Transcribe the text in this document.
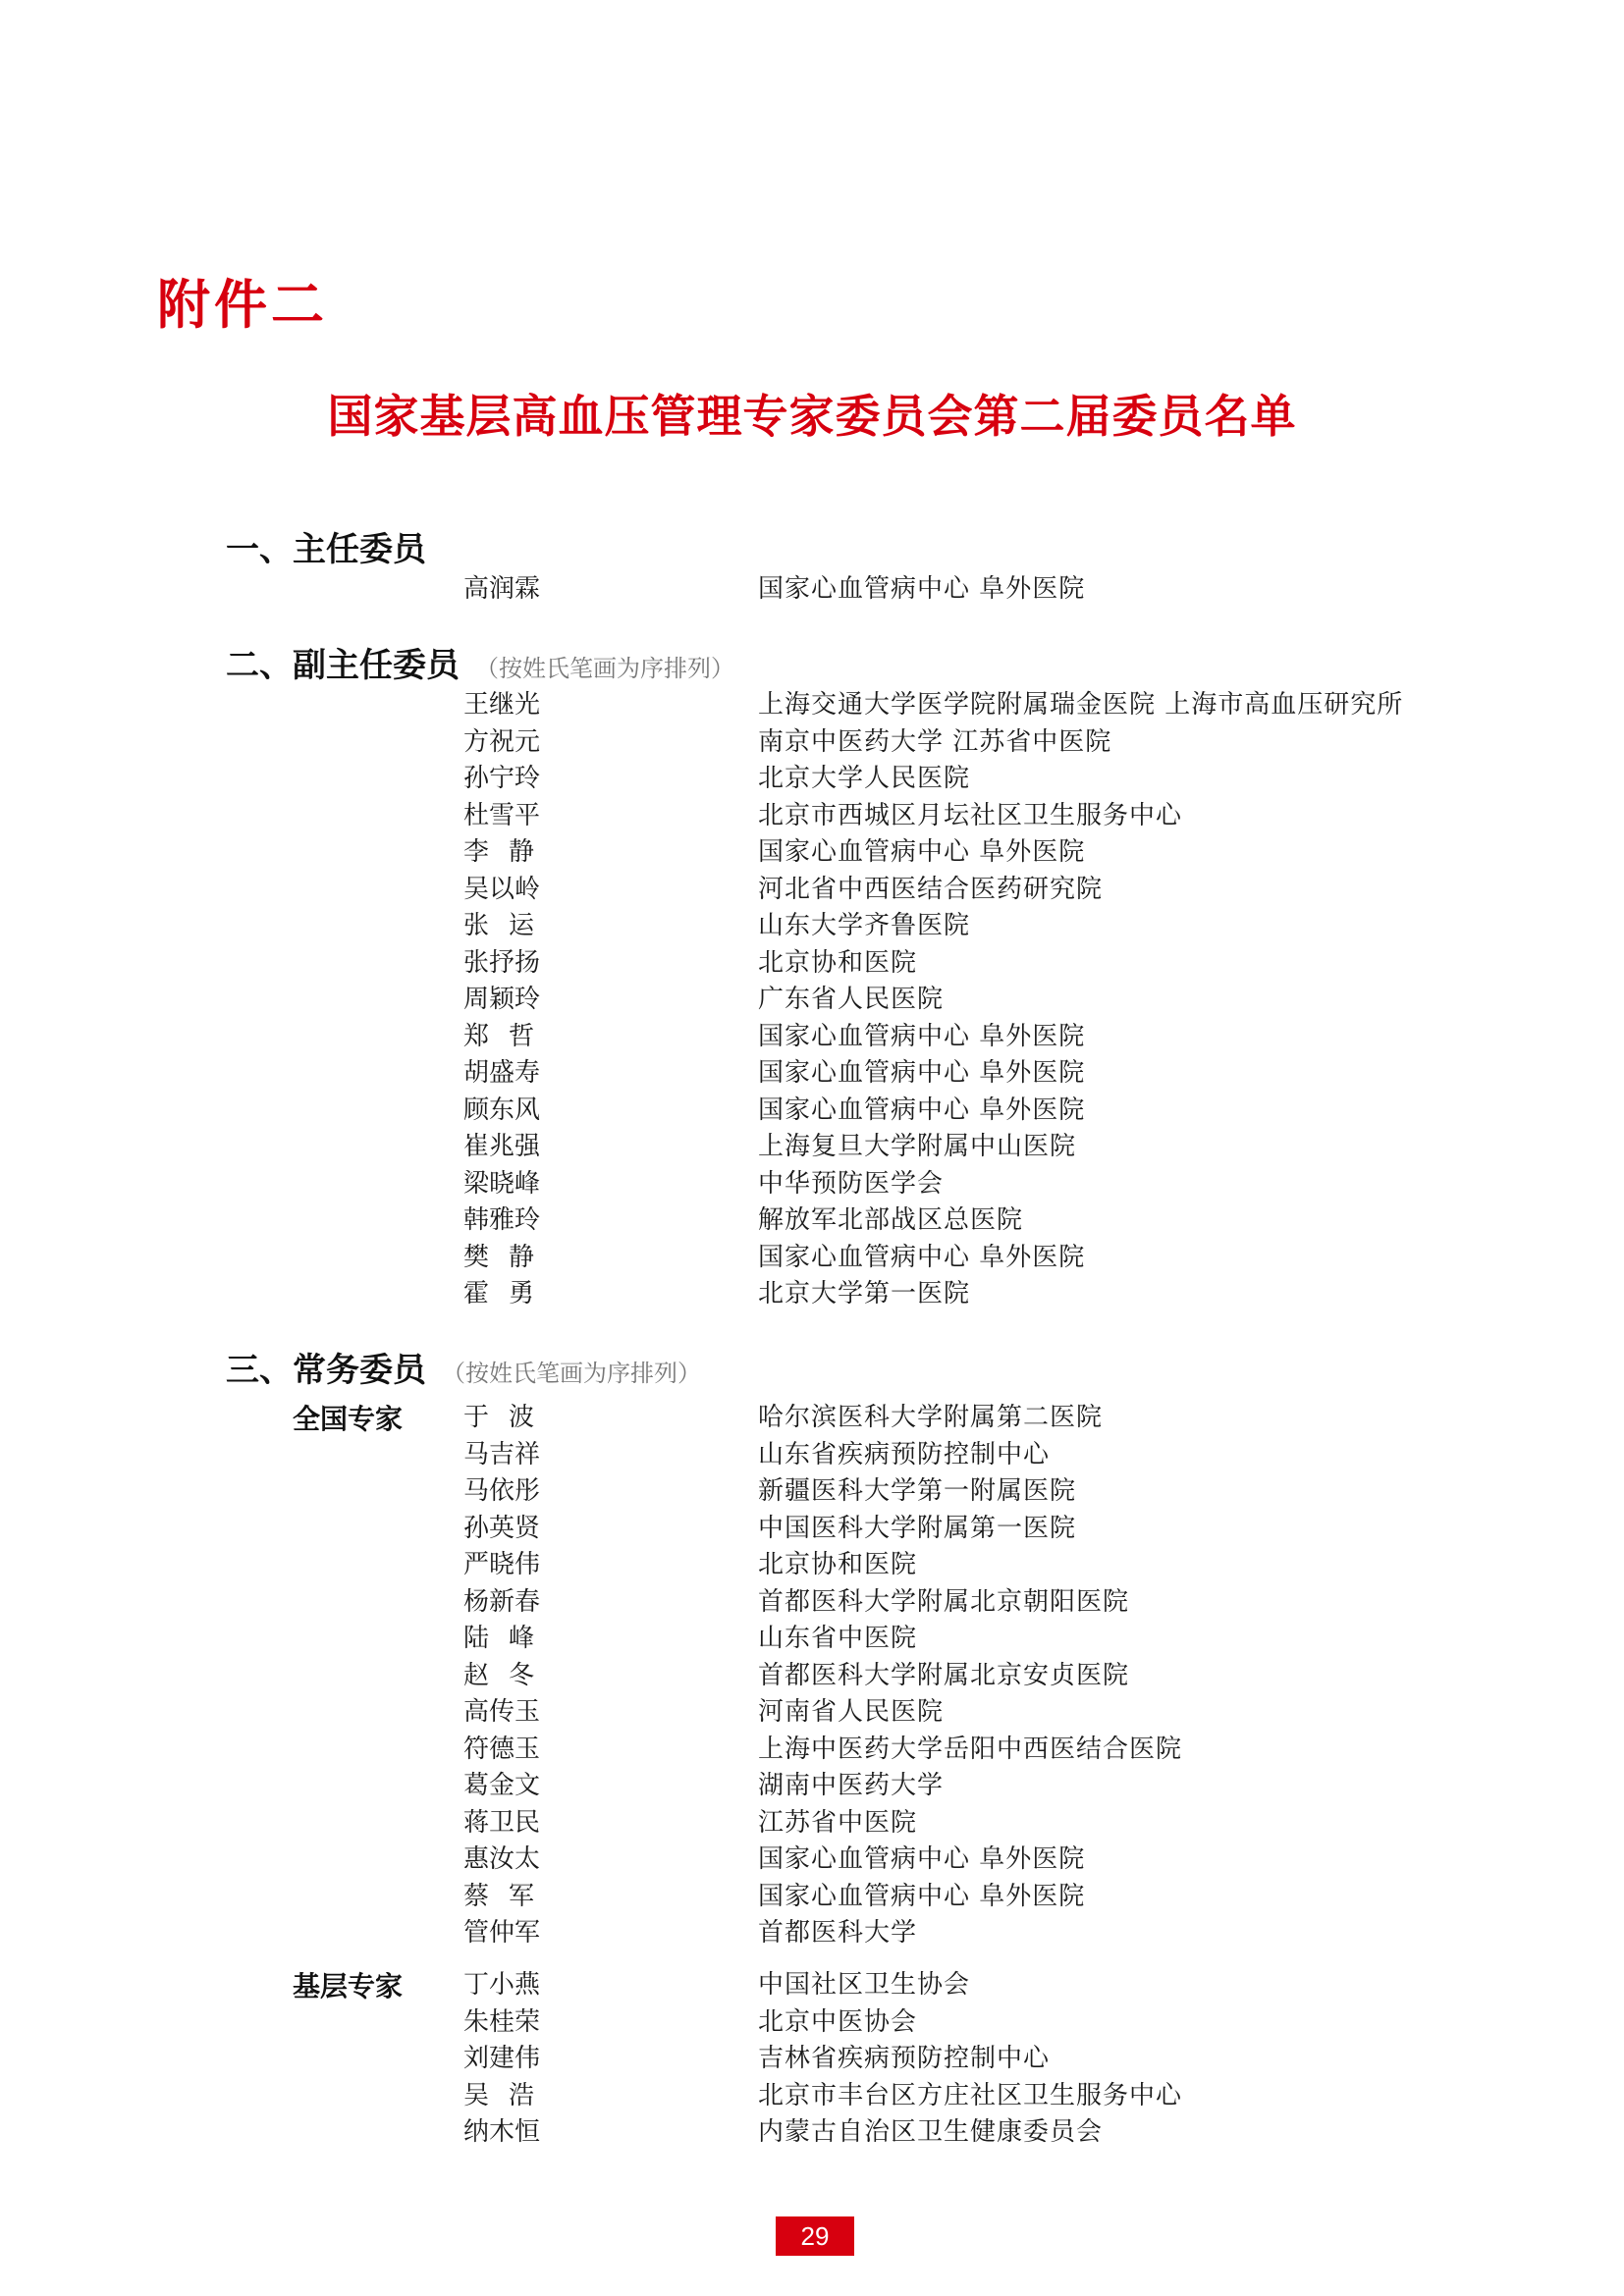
附件二
国家基层高血压管理专家委员会第二届委员名单
一、主任委员
高润霖	国家心血管病中心 阜外医院
二、副主任委员 （按姓氏笔画为序排列）
王继光	上海交通大学医学院附属瑞金医院 上海市高血压研究所
方祝元	南京中医药大学 江苏省中医院
孙宁玲	北京大学人民医院
杜雪平	北京市西城区月坛社区卫生服务中心
李静	国家心血管病中心 阜外医院
吴以岭	河北省中西医结合医药研究院
张运	山东大学齐鲁医院
张抒扬	北京协和医院
周颖玲	广东省人民医院
郑哲	国家心血管病中心 阜外医院
胡盛寿	国家心血管病中心 阜外医院
顾东风	国家心血管病中心 阜外医院
崔兆强	上海复旦大学附属中山医院
梁晓峰	中华预防医学会
韩雅玲	解放军北部战区总医院
樊静	国家心血管病中心 阜外医院
霍勇	北京大学第一医院
三、常务委员 （按姓氏笔画为序排列）
全国专家 于波	哈尔滨医科大学附属第二医院
马吉祥	山东省疾病预防控制中心
马依彤	新疆医科大学第一附属医院
孙英贤	中国医科大学附属第一医院
严晓伟	北京协和医院
杨新春	首都医科大学附属北京朝阳医院
陆峰	山东省中医院
赵冬	首都医科大学附属北京安贞医院
高传玉	河南省人民医院
符德玉	上海中医药大学岳阳中西医结合医院
葛金文	湖南中医药大学
蒋卫民	江苏省中医院
惠汝太	国家心血管病中心 阜外医院
蔡军	国家心血管病中心 阜外医院
管仲军	首都医科大学
基层专家 丁小燕	中国社区卫生协会
朱桂荣	北京中医协会
刘建伟	吉林省疾病预防控制中心
吴浩	北京市丰台区方庄社区卫生服务中心
纳木恒	内蒙古自治区卫生健康委员会
29
